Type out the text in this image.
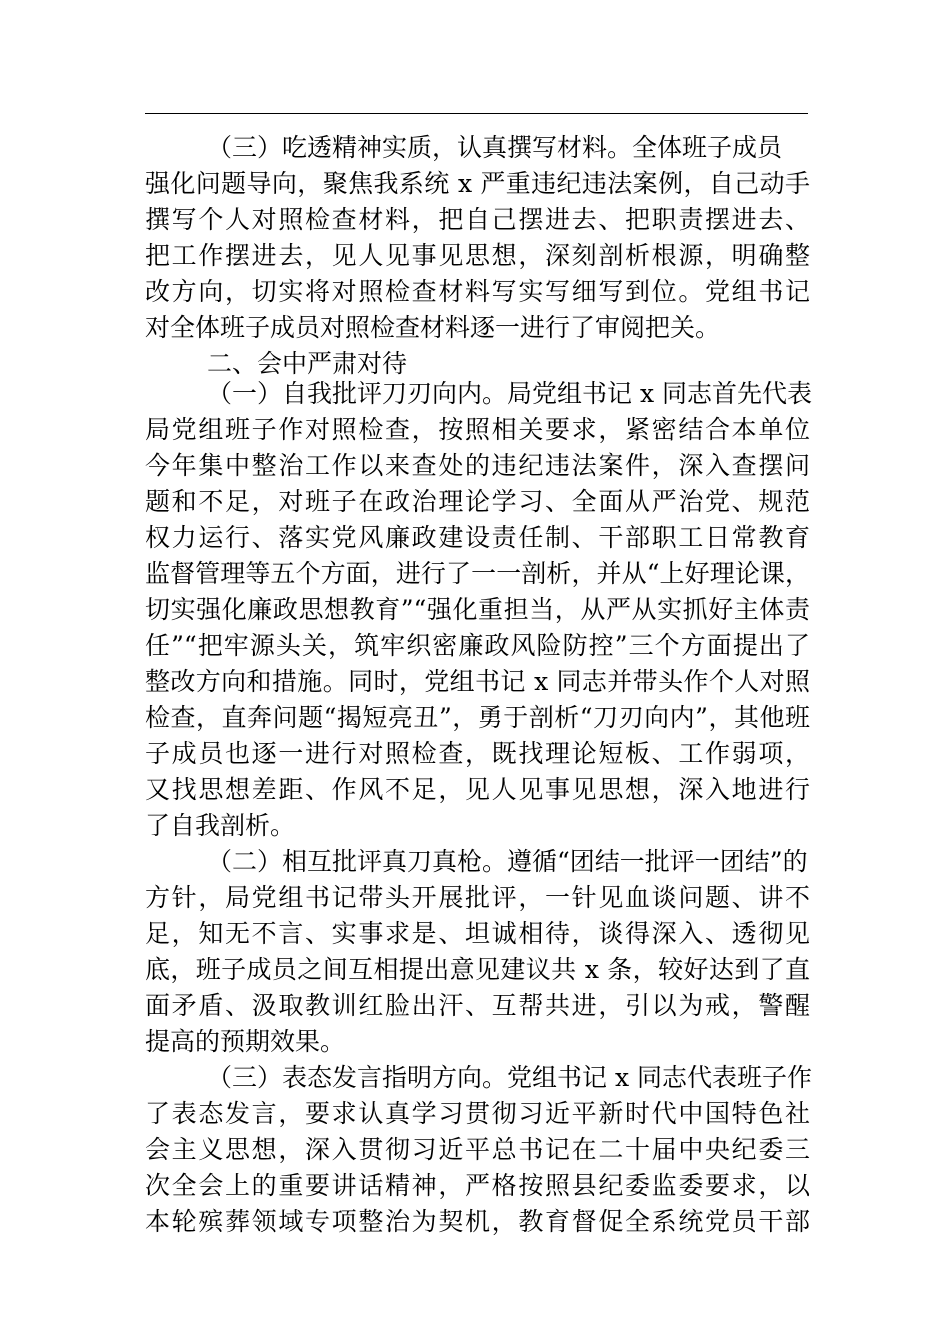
（三）吃透精神实质，认真撰写材料。全体班子成员
强化问题导向，聚焦我系统 x 严重违纪违法案例，自己动手
撰写个人对照检查材料，把自己摆进去、把职责摆进去、
把工作摆进去，见人见事见思想，深刻剖析根源，明确整
改方向，切实将对照检查材料写实写细写到位。党组书记
对全体班子成员对照检查材料逐一进行了审阅把关。
二、会中严肃对待
（一）自我批评刀刃向内。局党组书记 x 同志首先代表
局党组班子作对照检查，按照相关要求，紧密结合本单位
今年集中整治工作以来查处的违纪违法案件，深入查摆问
题和不足，对班子在政治理论学习、全面从严治党、规范
权力运行、落实党风廉政建设责任制、干部职工日常教育
监督管理等五个方面，进行了一一剖析，并从“上好理论课，
切实强化廉政思想教育”“强化重担当，从严从实抓好主体责
任”“把牢源头关，筑牢织密廉政风险防控”三个方面提出了
整改方向和措施。同时，党组书记 x 同志并带头作个人对照
检查，直奔问题“揭短亮丑”，勇于剖析“刀刃向内”，其他班
子成员也逐一进行对照检查，既找理论短板、工作弱项，
又找思想差距、作风不足，见人见事见思想，深入地进行
了自我剖析。
（二）相互批评真刀真枪。遵循“团结一批评一团结”的
方针，局党组书记带头开展批评，一针见血谈问题、讲不
足，知无不言、实事求是、坦诚相待，谈得深入、透彻见
底，班子成员之间互相提出意见建议共 x 条，较好达到了直
面矛盾、汲取教训红脸出汗、互帮共进，引以为戒，警醒
提高的预期效果。
（三）表态发言指明方向。党组书记 x 同志代表班子作
了表态发言，要求认真学习贯彻习近平新时代中国特色社
会主义思想，深入贯彻习近平总书记在二十届中央纪委三
次全会上的重要讲话精神，严格按照县纪委监委要求，以
本轮殡葬领域专项整治为契机，教育督促全系统党员干部
